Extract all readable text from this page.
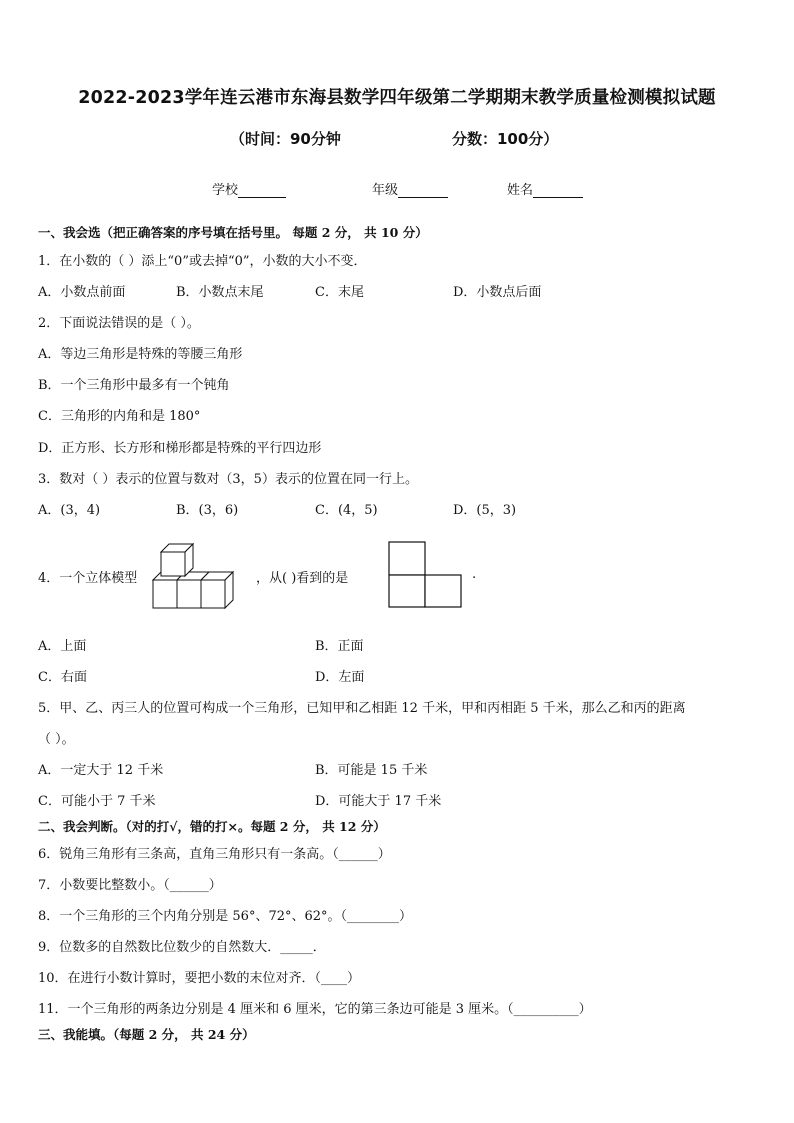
2022-2023学年连云港市东海县数学四年级第二学期期末教学质量检测模拟试题
（时间：90分钟	分数：100分）
学校	年级	姓名
一、我会选（把正确答案的序号填在括号里。 每题 2 分， 共 10 分）
1．在小数的（ ）添上“0”或去掉“0”，小数的大小不变．
A．小数点前面	B．小数点末尾	C．末尾	D．小数点后面
2．下面说法错误的是（ ）。
A．等边三角形是特殊的等腰三角形
B．一个三角形中最多有一个钝角
C．三角形的内角和是 180°
D．正方形、长方形和梯形都是特殊的平行四边形
3．数对（ ）表示的位置与数对（3，5）表示的位置在同一行上。
A．(3，4)	B．(3，6)	C．(4，5)	D．(5，3)
4．一个立体模型	，从( )看到的是	.
A．上面	B．正面
C．右面	D．左面
5．甲、乙、丙三人的位置可构成一个三角形，已知甲和乙相距 12 千米，甲和丙相距 5 千米，那么乙和丙的距离
（ ）。
A．一定大于 12 千米	B．可能是 15 千米
C．可能小于 7 千米	D．可能大于 17 千米
二、我会判断。（对的打√，错的打×。每题 2 分， 共 12 分）
6．锐角三角形有三条高，直角三角形只有一条高。（______）
7．小数要比整数小。（______）
8．一个三角形的三个内角分别是 56°、72°、62°。（________）
9．位数多的自然数比位数少的自然数大．_____．
10．在进行小数计算时，要把小数的末位对齐．（____）
11．一个三角形的两条边分别是 4 厘米和 6 厘米，它的第三条边可能是 3 厘米。（__________）
三、我能填。（每题 2 分， 共 24 分）
